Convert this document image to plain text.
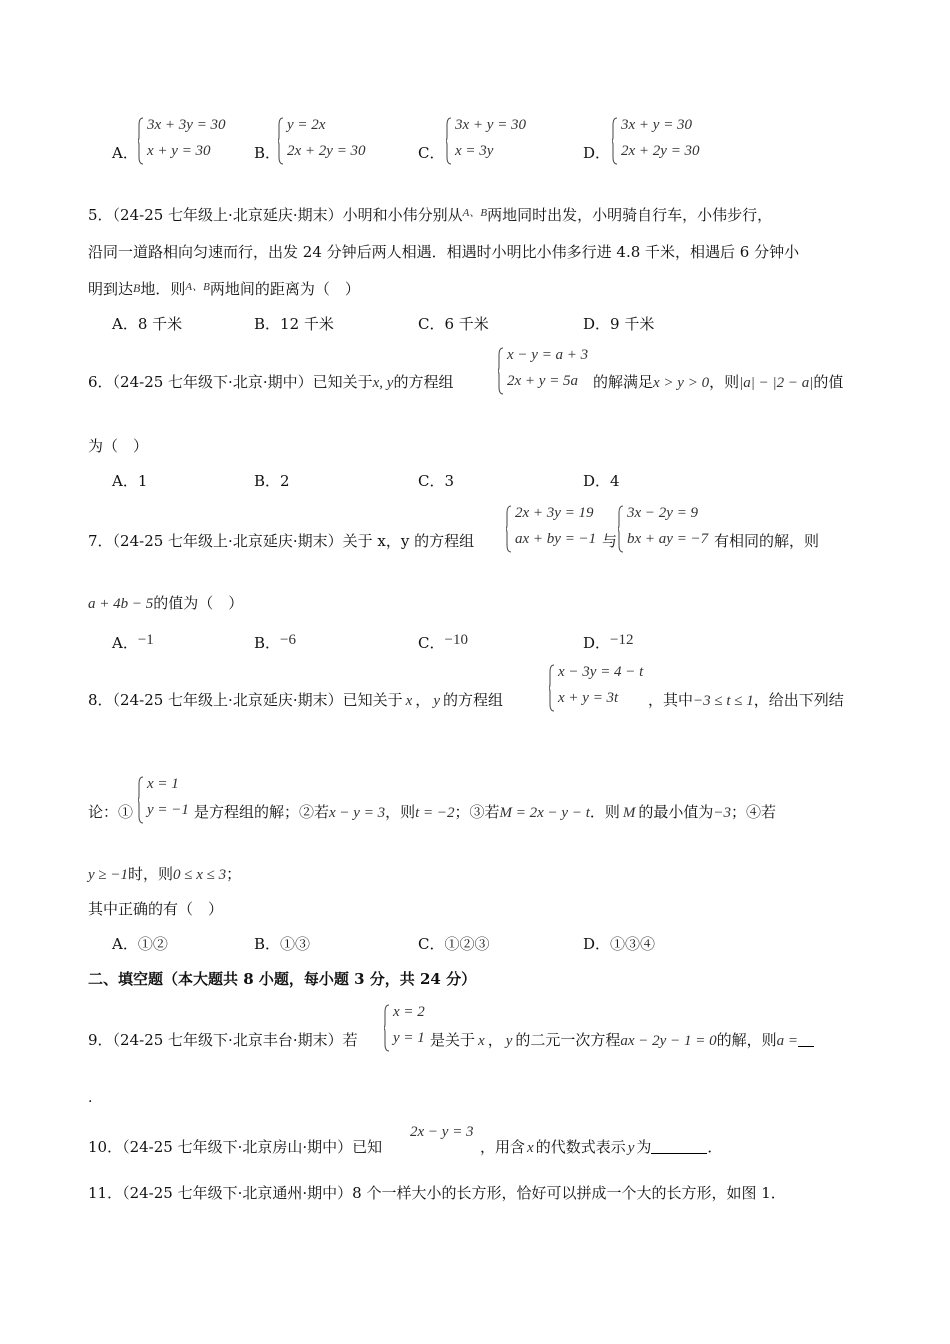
A．
3x + 3y = 30
x + y = 30	B．
y = 2x
2x + 2y = 30	C．
3x + y = 30
x = 3y	D．
3x + y = 30
2x + 2y = 30
5．（24-25 七年级上·北京延庆·期末）小明和小伟分别从$^{A、B}$两地同时出发，小明骑自行车，小伟步行，
沿同一道路相向匀速而行，出发 24 分钟后两人相遇．相遇时小明比小伟多行进 4.8 千米，相遇后 6 分钟小
明到达B地．则$^{A、B}$两地间的距离为（　）
A．8 千米	B．12 千米	C．6 千米	D．9 千米
6．（24-25 七年级下·北京·期中）已知关于x, y的方程组
x − y = a + 3
2x + y = 5a 的解满足x > y > 0，则|a| − |2 − a|的值
为（　）
A．1	B．2	C．3	D．4
7．（24-25 七年级上·北京延庆·期末）关于 x，y 的方程组
2x + 3y = 19
ax + by = −1 与
3x − 2y = 9
bx + ay = −7 有相同的解，则
a + 4b − 5的值为（　）
A．−1	B．−6	C．−10	D．−12
8．（24-25 七年级上·北京延庆·期末）已知关于 x ， y 的方程组
x − 3y = 4 − t
x + y = 3t ，其中−3 ≤ t ≤ 1，给出下列结
论：①
x = 1
y = −1 是方程组的解；②若x − y = 3，则t = −2；③若M = 2x − y − t．则 M 的最小值为−3；④若
y ≥ −1时，则0 ≤ x ≤ 3；
其中正确的有（　）
A．①②	B．①③	C．①②③	D．①③④
二、填空题（本大题共 8 小题，每小题 3 分，共 24 分）
9．（24-25 七年级下·北京丰台·期末）若
x = 2
y = 1 是关于 x ， y 的二元一次方程ax − 2y − 1 = 0的解，则a =
.
10．（24-25 七年级下·北京房山·期中）已知
2x − y = 3
，用含 x 的代数式表示 y 为	．
11．（24-25 七年级下·北京通州·期中）8 个一样大小的长方形，恰好可以拼成一个大的长方形，如图 1．
